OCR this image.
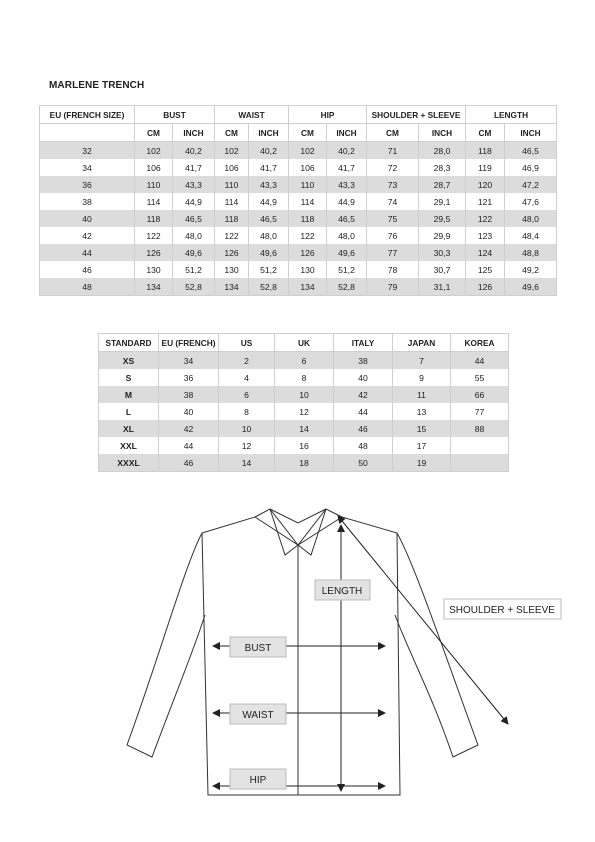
MARLENE TRENCH
EU (FRENCH SIZE)	BUST		WAIST		HIP		SHOULDER + SLEEVE		LENGTH	
	CM	INCH	CM	INCH	CM	INCH	CM	INCH	CM	INCH
32	102	40,2	102	40,2	102	40,2	71	28,0	118	46,5
34	106	41,7	106	41,7	106	41,7	72	28,3	119	46,9
36	110	43,3	110	43,3	110	43,3	73	28,7	120	47,2
38	114	44,9	114	44,9	114	44,9	74	29,1	121	47,6
40	118	46,5	118	46,5	118	46,5	75	29,5	122	48,0
42	122	48,0	122	48,0	122	48,0	76	29,9	123	48,4
44	126	49,6	126	49,6	126	49,6	77	30,3	124	48,8
46	130	51,2	130	51,2	130	51,2	78	30,7	125	49,2
48	134	52,8	134	52,8	134	52,8	79	31,1	126	49,6
STANDARD	EU (FRENCH)	US	UK	ITALY	JAPAN	KOREA
XS	34	2	6	38	7	44
S	36	4	8	40	9	55
M	38	6	10	42	11	66
L	40	8	12	44	13	77
XL	42	10	14	46	15	88
XXL	44	12	16	48	17	
XXXL	46	14	18	50	19	
LENGTH
SHOULDER + SLEEVE
BUST
WAIST
HIP
